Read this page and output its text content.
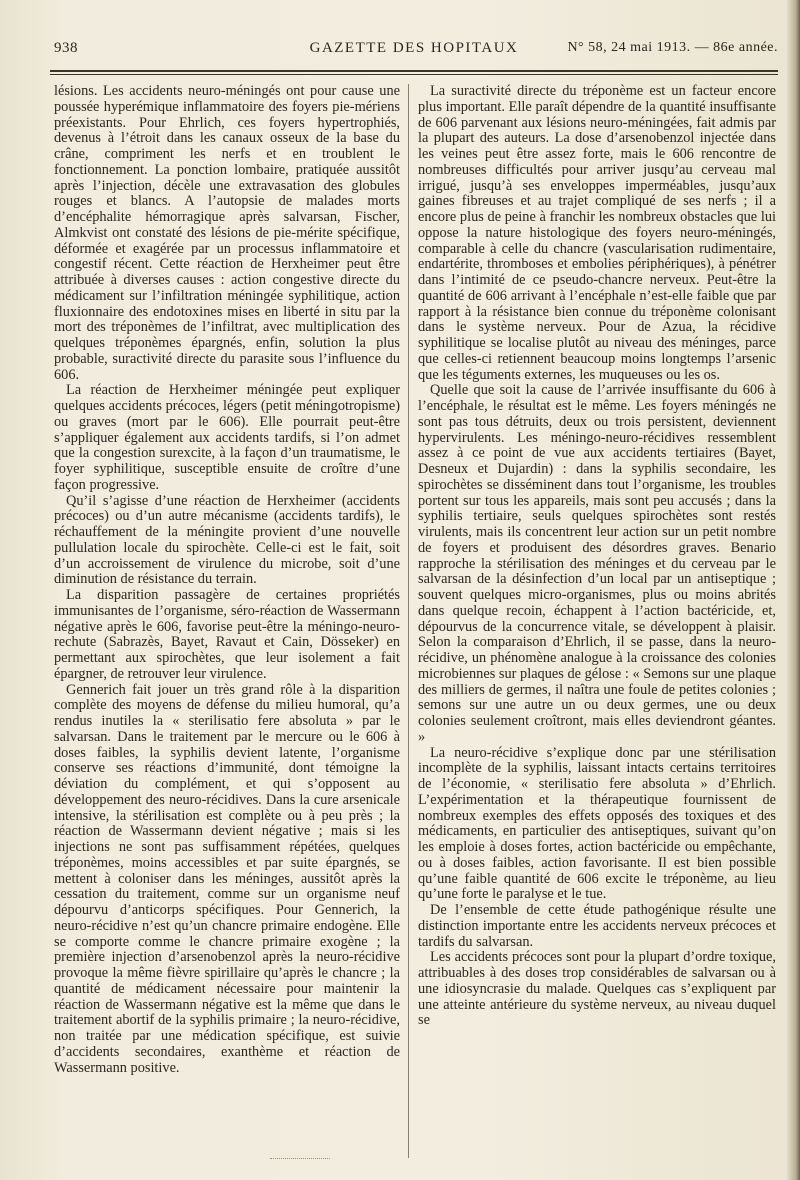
938	GAZETTE DES HOPITAUX	N° 58, 24 mai 1913. — 86e année.

lésions. Les accidents neuro-méningés ont pour cause une poussée hyperémique inflammatoire des foyers pie-mériens préexistants. Pour Ehrlich, ces foyers hypertrophiés, devenus à l’étroit dans les canaux osseux de la base du crâne, compriment les nerfs et en troublent le fonctionnement. La ponction lombaire, pratiquée aussitôt après l’injection, décèle une extravasation des globules rouges et blancs. A l’autopsie de malades morts d’encéphalite hémorragique après salvarsan, Fischer, Almkvist ont constaté des lésions de pie-mérite spécifique, déformée et exagérée par un processus inflammatoire et congestif récent. Cette réaction de Herxheimer peut être attribuée à diverses causes : action congestive directe du médicament sur l’infiltration méningée syphilitique, action fluxionnaire des endotoxines mises en liberté in situ par la mort des tréponèmes de l’infiltrat, avec multiplication des quelques tréponèmes épargnés, enfin, solution la plus probable, suractivité directe du parasite sous l’influence du 606.

La réaction de Herxheimer méningée peut expliquer quelques accidents précoces, légers (petit méningotropisme) ou graves (mort par le 606). Elle pourrait peut-être s’appliquer également aux accidents tardifs, si l’on admet que la congestion surexcite, à la façon d’un traumatisme, le foyer syphilitique, susceptible ensuite de croître d’une façon progressive.

Qu’il s’agisse d’une réaction de Herxheimer (accidents précoces) ou d’un autre mécanisme (accidents tardifs), le réchauffement de la méningite provient d’une nouvelle pullulation locale du spirochète. Celle-ci est le fait, soit d’un accroissement de virulence du microbe, soit d’une diminution de résistance du terrain.

La disparition passagère de certaines propriétés immunisantes de l’organisme, séro-réaction de Wassermann négative après le 606, favorise peut-être la méningo-neuro-rechute (Sabrazès, Bayet, Ravaut et Cain, Dösseker) en permettant aux spirochètes, que leur isolement a fait épargner, de retrouver leur virulence.

Gennerich fait jouer un très grand rôle à la disparition complète des moyens de défense du milieu humoral, qu’a rendus inutiles la « sterilisatio fere absoluta » par le salvarsan. Dans le traitement par le mercure ou le 606 à doses faibles, la syphilis devient latente, l’organisme conserve ses réactions d’immunité, dont témoigne la déviation du complément, et qui s’opposent au développement des neuro-récidives. Dans la cure arsenicale intensive, la stérilisation est complète ou à peu près ; la réaction de Wassermann devient négative ; mais si les injections ne sont pas suffisamment répétées, quelques tréponèmes, moins accessibles et par suite épargnés, se mettent à coloniser dans les méninges, aussitôt après la cessation du traitement, comme sur un organisme neuf dépourvu d’anticorps spécifiques. Pour Gennerich, la neuro-récidive n’est qu’un chancre primaire endogène. Elle se comporte comme le chancre primaire exogène ; la première injection d’arsenobenzol après la neuro-récidive provoque la même fièvre spirillaire qu’après le chancre ; la quantité de médicament nécessaire pour maintenir la réaction de Wassermann négative est la même que dans le traitement abortif de la syphilis primaire ; la neuro-récidive, non traitée par une médication spécifique, est suivie d’accidents secondaires, exanthème et réaction de Wassermann positive.

La suractivité directe du tréponème est un facteur encore plus important. Elle paraît dépendre de la quantité insuffisante de 606 parvenant aux lésions neuro-méningées, fait admis par la plupart des auteurs. La dose d’arsenobenzol injectée dans les veines peut être assez forte, mais le 606 rencontre de nombreuses difficultés pour arriver jusqu’au cerveau mal irrigué, jusqu’à ses enveloppes imperméables, jusqu’aux gaines fibreuses et au trajet compliqué de ses nerfs ; il a encore plus de peine à franchir les nombreux obstacles que lui oppose la nature histologique des foyers neuro-méningés, comparable à celle du chancre (vascularisation rudimentaire, endartérite, thromboses et embolies périphériques), à pénétrer dans l’intimité de ce pseudo-chancre nerveux. Peut-être la quantité de 606 arrivant à l’encéphale n’est-elle faible que par rapport à la résistance bien connue du tréponème colonisant dans le système nerveux. Pour de Azua, la récidive syphilitique se localise plutôt au niveau des méninges, parce que celles-ci retiennent beaucoup moins longtemps l’arsenic que les téguments externes, les muqueuses ou les os.

Quelle que soit la cause de l’arrivée insuffisante du 606 à l’encéphale, le résultat est le même. Les foyers méningés ne sont pas tous détruits, deux ou trois persistent, deviennent hypervirulents. Les méningo-neuro-récidives ressemblent assez à ce point de vue aux accidents tertiaires (Bayet, Desneux et Dujardin) : dans la syphilis secondaire, les spirochètes se disséminent dans tout l’organisme, les troubles portent sur tous les appareils, mais sont peu accusés ; dans la syphilis tertiaire, seuls quelques spirochètes sont restés virulents, mais ils concentrent leur action sur un petit nombre de foyers et produisent des désordres graves. Benario rapproche la stérilisation des méninges et du cerveau par le salvarsan de la désinfection d’un local par un antiseptique ; souvent quelques micro-organismes, plus ou moins abrités dans quelque recoin, échappent à l’action bactéricide, et, dépourvus de la concurrence vitale, se développent à plaisir. Selon la comparaison d’Ehrlich, il se passe, dans la neuro-récidive, un phénomène analogue à la croissance des colonies microbiennes sur plaques de gélose : « Semons sur une plaque des milliers de germes, il naîtra une foule de petites colonies ; semons sur une autre un ou deux germes, une ou deux colonies seulement croîtront, mais elles deviendront géantes. »

La neuro-récidive s’explique donc par une stérilisation incomplète de la syphilis, laissant intacts certains territoires de l’économie, « sterilisatio fere absoluta » d’Ehrlich. L’expérimentation et la thérapeutique fournissent de nombreux exemples des effets opposés des toxiques et des médicaments, en particulier des antiseptiques, suivant qu’on les emploie à doses fortes, action bactéricide ou empêchante, ou à doses faibles, action favorisante. Il est bien possible qu’une faible quantité de 606 excite le tréponème, au lieu qu’une forte le paralyse et le tue.

De l’ensemble de cette étude pathogénique résulte une distinction importante entre les accidents nerveux précoces et tardifs du salvarsan.

Les accidents précoces sont pour la plupart d’ordre toxique, attribuables à des doses trop considérables de salvarsan ou à une idiosyncrasie du malade. Quelques cas s’expliquent par une atteinte antérieure du système nerveux, au niveau duquel se
